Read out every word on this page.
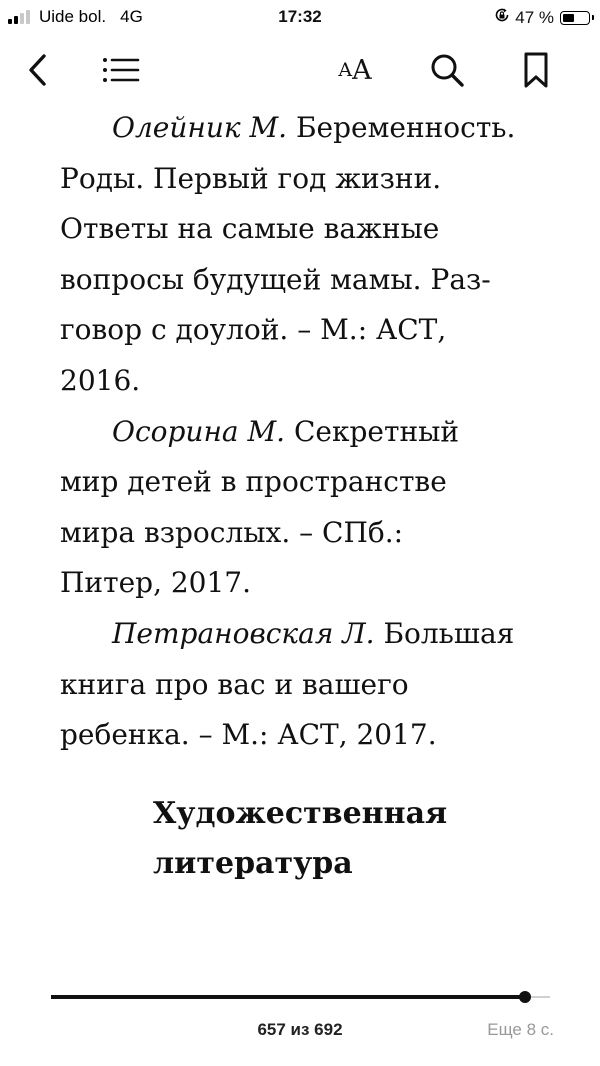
Uide bol. 4G	17:32	47 %
A A

Олейник М. Беременность.
Роды. Первый год жизни.
Ответы на самые важные
вопросы будущей мамы. Раз-
говор с доулой. – М.: АСТ,
2016.

Осорина М. Секретный
мир детей в пространстве
мира взрослых. – СПб.:
Питер, 2017.

Петрановская Л. Большая
книга про вас и вашего
ребенка. – М.: АСТ, 2017.

Художественная
литература
657 из 692	Еще 8 с.
